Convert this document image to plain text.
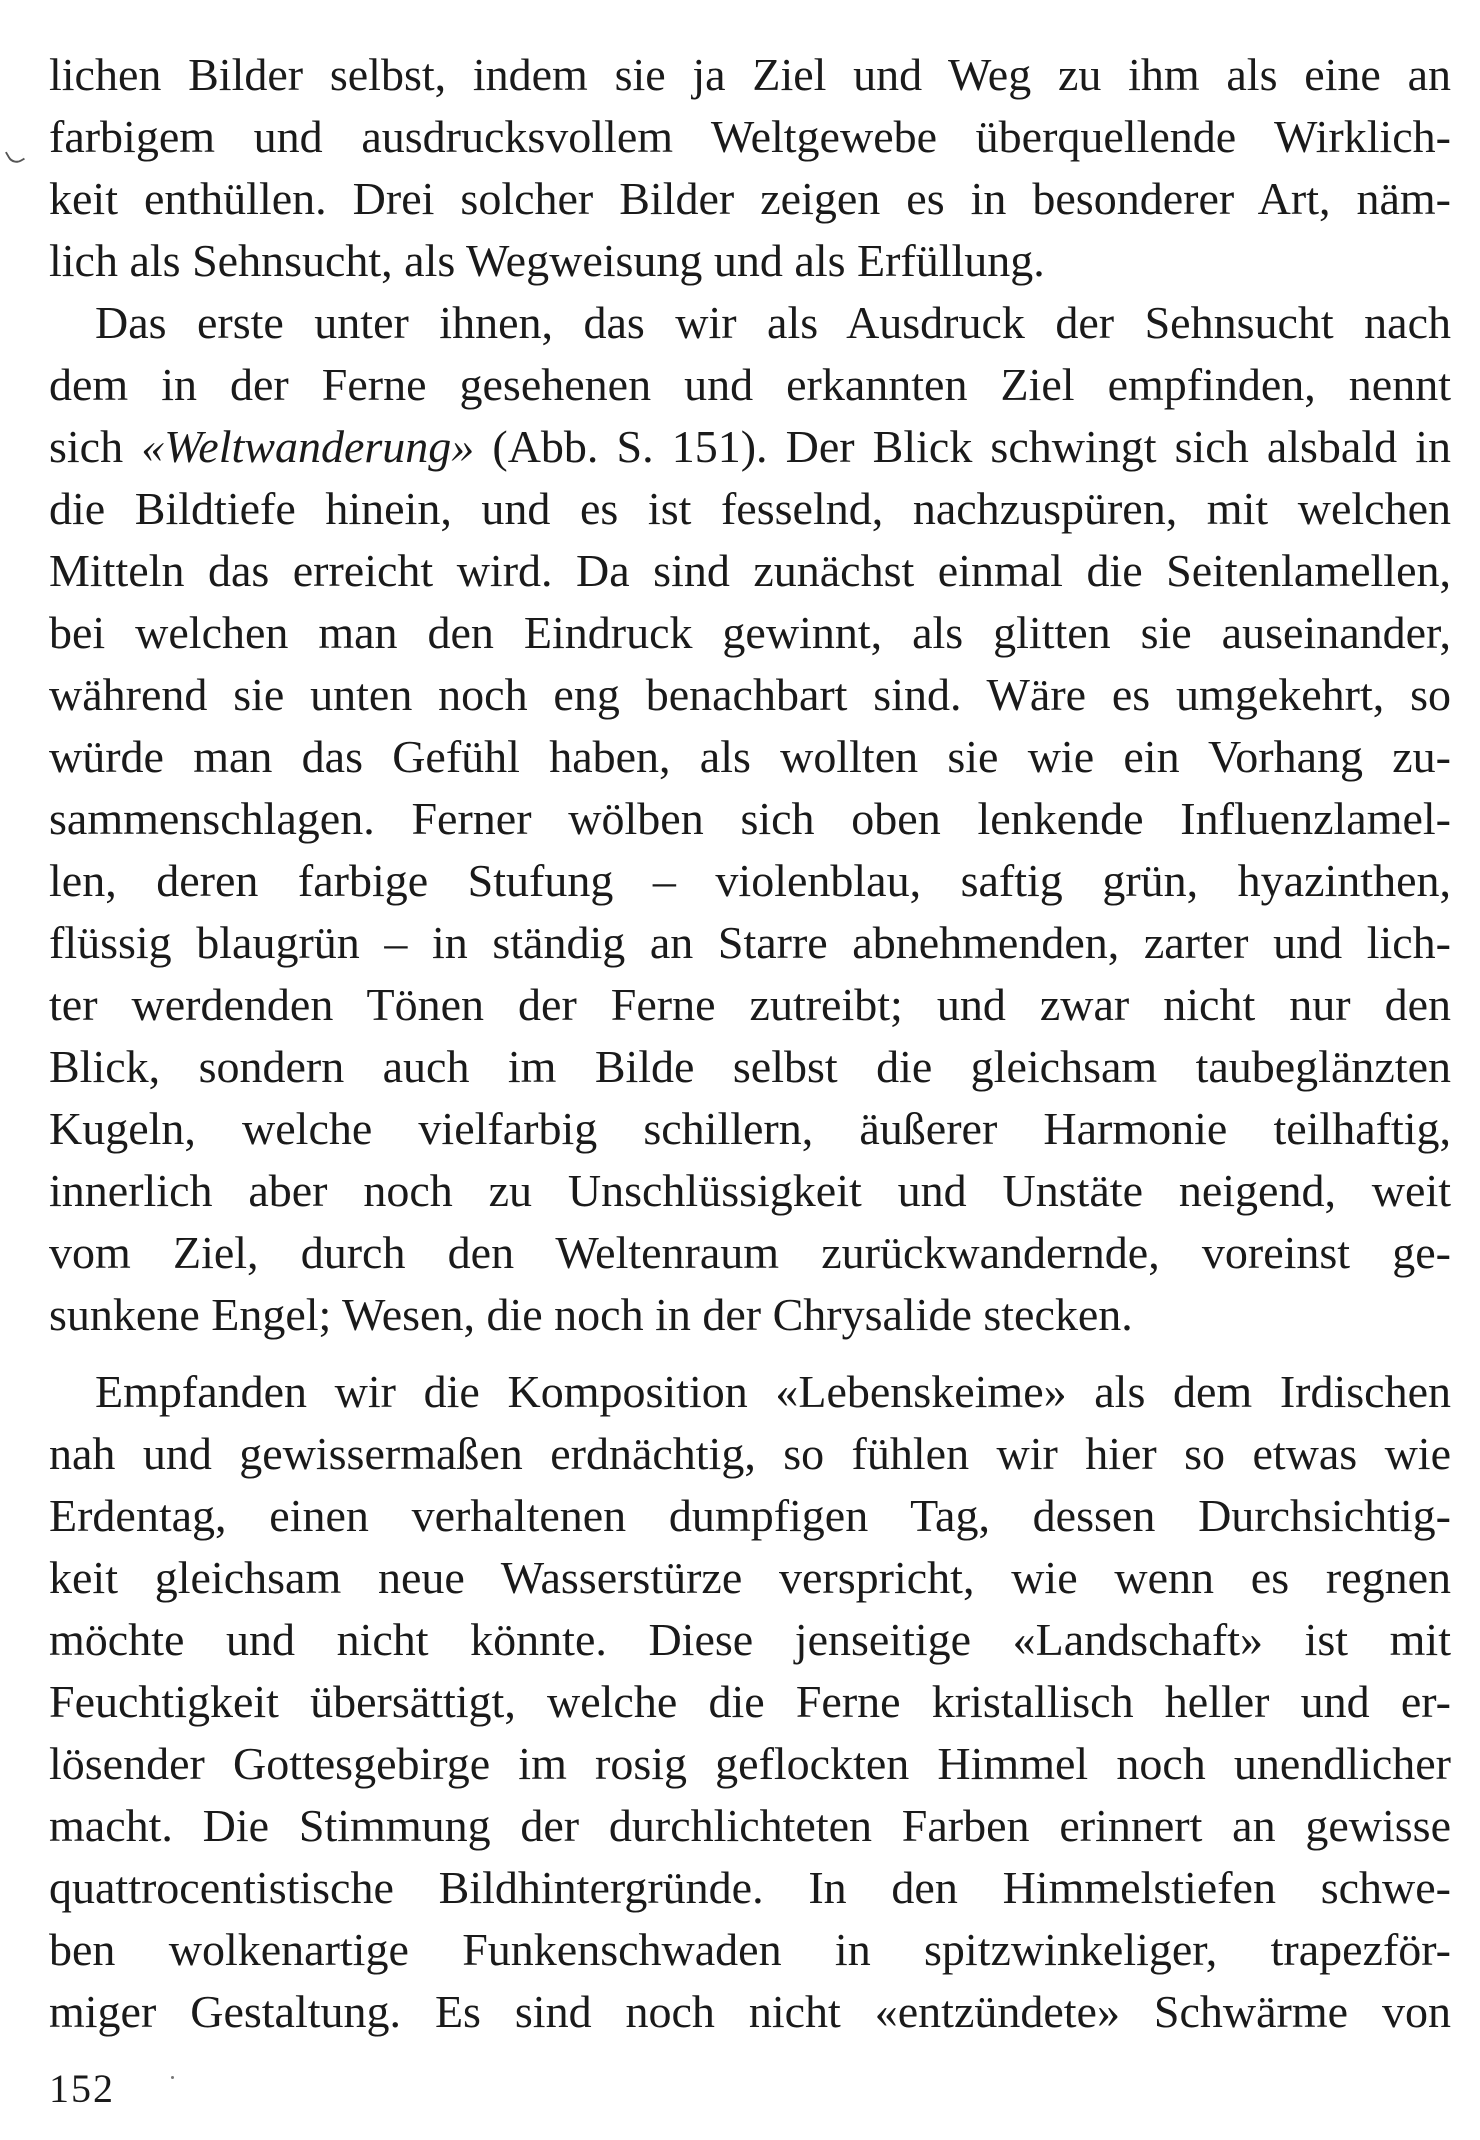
lichen Bilder selbst, indem sie ja Ziel und Weg zu ihm als eine an
farbigem und ausdrucksvollem Weltgewebe überquellende Wirklich-
keit enthüllen. Drei solcher Bilder zeigen es in besonderer Art, näm-
lich als Sehnsucht, als Wegweisung und als Erfüllung.
Das erste unter ihnen, das wir als Ausdruck der Sehnsucht nach
dem in der Ferne gesehenen und erkannten Ziel empfinden, nennt
sich «Weltwanderung» (Abb. S. 151). Der Blick schwingt sich alsbald in
die Bildtiefe hinein, und es ist fesselnd, nachzuspüren, mit welchen
Mitteln das erreicht wird. Da sind zunächst einmal die Seitenlamellen,
bei welchen man den Eindruck gewinnt, als glitten sie auseinander,
während sie unten noch eng benachbart sind. Wäre es umgekehrt, so
würde man das Gefühl haben, als wollten sie wie ein Vorhang zu-
sammenschlagen. Ferner wölben sich oben lenkende Influenzlamel-
len, deren farbige Stufung – violenblau, saftig grün, hyazinthen,
flüssig blaugrün – in ständig an Starre abnehmenden, zarter und lich-
ter werdenden Tönen der Ferne zutreibt; und zwar nicht nur den
Blick, sondern auch im Bilde selbst die gleichsam taubeglänzten
Kugeln, welche vielfarbig schillern, äußerer Harmonie teilhaftig,
innerlich aber noch zu Unschlüssigkeit und Unstäte neigend, weit
vom Ziel, durch den Weltenraum zurückwandernde, voreinst ge-
sunkene Engel; Wesen, die noch in der Chrysalide stecken.
Empfanden wir die Komposition «Lebenskeime» als dem Irdischen
nah und gewissermaßen erdnächtig, so fühlen wir hier so etwas wie
Erdentag, einen verhaltenen dumpfigen Tag, dessen Durchsichtig-
keit gleichsam neue Wasserstürze verspricht, wie wenn es regnen
möchte und nicht könnte. Diese jenseitige «Landschaft» ist mit
Feuchtigkeit übersättigt, welche die Ferne kristallisch heller und er-
lösender Gottesgebirge im rosig geflockten Himmel noch unendlicher
macht. Die Stimmung der durchlichteten Farben erinnert an gewisse
quattrocentistische Bildhintergründe. In den Himmelstiefen schwe-
ben wolkenartige Funkenschwaden in spitzwinkeliger, trapezför-
miger Gestaltung. Es sind noch nicht «entzündete» Schwärme von
152
